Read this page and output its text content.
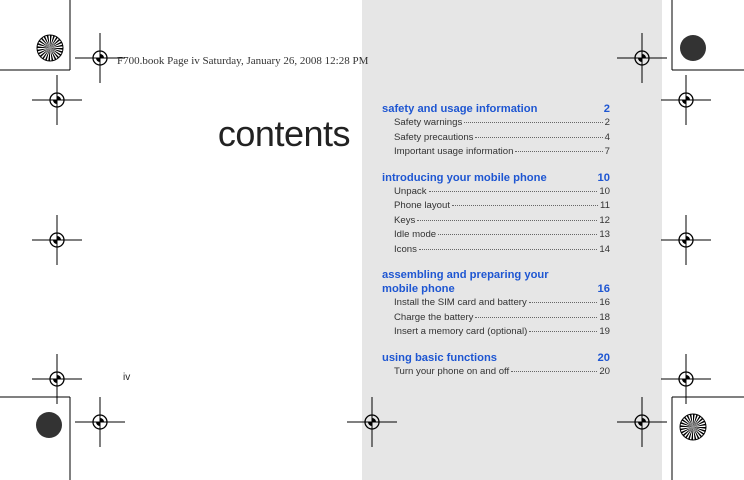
F700.book Page iv Saturday, January 26, 2008 12:28 PM
contents
iv
safety and usage information	2
Safety warnings	2
Safety precautions	4
Important usage information	7
introducing your mobile phone	10
Unpack	10
Phone layout	11
Keys	12
Idle mode	13
Icons	14
assembling and preparing your
mobile phone	16
Install the SIM card and battery	16
Charge the battery	18
Insert a memory card (optional)	19
using basic functions	20
Turn your phone on and off	20
